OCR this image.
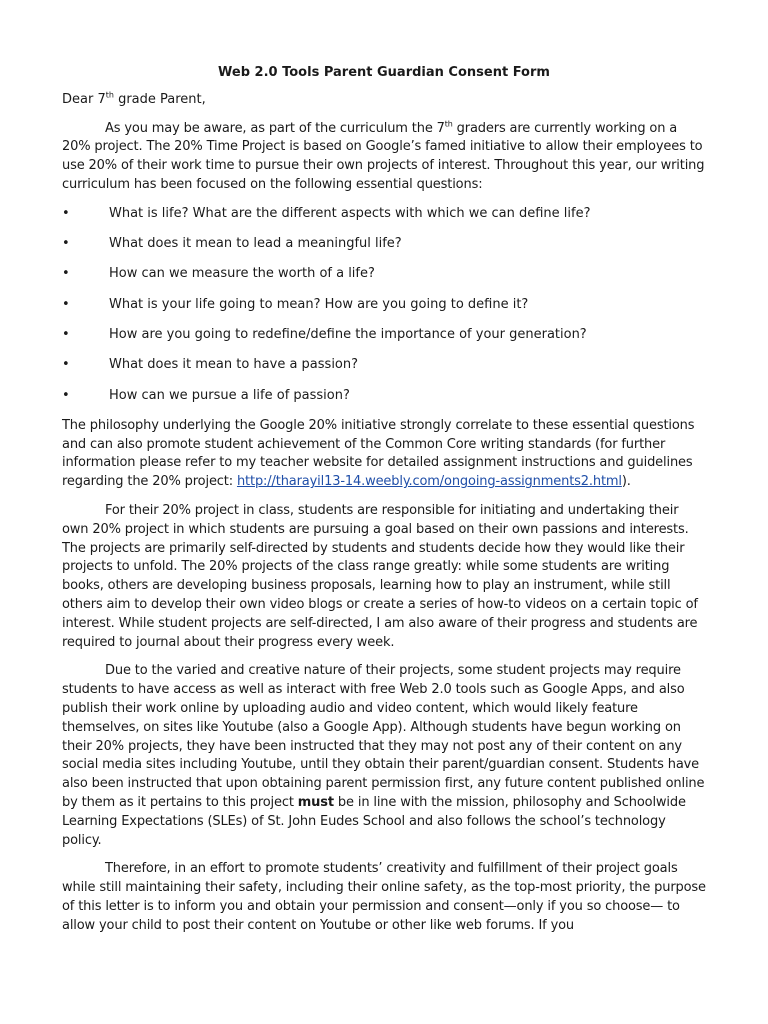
Web 2.0 Tools Parent Guardian Consent Form

Dear 7th grade Parent,

As you may be aware, as part of the curriculum the 7th graders are currently working on a 20% project. The 20% Time Project is based on Google’s famed initiative to allow their employees to use 20% of their work time to pursue their own projects of interest. Throughout this year, our writing curriculum has been focused on the following essential questions:

•	What is life? What are the different aspects with which we can define life?
•	What does it mean to lead a meaningful life?
•	How can we measure the worth of a life?
•	What is your life going to mean? How are you going to define it?
•	How are you going to redefine/define the importance of your generation?
•	What does it mean to have a passion?
•	How can we pursue a life of passion?

The philosophy underlying the Google 20% initiative strongly correlate to these essential questions and can also promote student achievement of the Common Core writing standards (for further information please refer to my teacher website for detailed assignment instructions and guidelines regarding the 20% project: http://tharayil13-14.weebly.com/ongoing-assignments2.html).

For their 20% project in class, students are responsible for initiating and undertaking their own 20% project in which students are pursuing a goal based on their own passions and interests. The projects are primarily self-directed by students and students decide how they would like their projects to unfold. The 20% projects of the class range greatly: while some students are writing books, others are developing business proposals, learning how to play an instrument, while still others aim to develop their own video blogs or create a series of how-to videos on a certain topic of interest. While student projects are self-directed, I am also aware of their progress and students are required to journal about their progress every week.

Due to the varied and creative nature of their projects, some student projects may require students to have access as well as interact with free Web 2.0 tools such as Google Apps, and also publish their work online by uploading audio and video content, which would likely feature themselves, on sites like Youtube (also a Google App). Although students have begun working on their 20% projects, they have been instructed that they may not post any of their content on any social media sites including Youtube, until they obtain their parent/guardian consent. Students have also been instructed that upon obtaining parent permission first, any future content published online by them as it pertains to this project must be in line with the mission, philosophy and Schoolwide Learning Expectations (SLEs) of St. John Eudes School and also follows the school’s technology policy.

Therefore, in an effort to promote students’ creativity and fulfillment of their project goals while still maintaining their safety, including their online safety, as the top-most priority, the purpose of this letter is to inform you and obtain your permission and consent—only if you so choose— to allow your child to post their content on Youtube or other like web forums. If you
